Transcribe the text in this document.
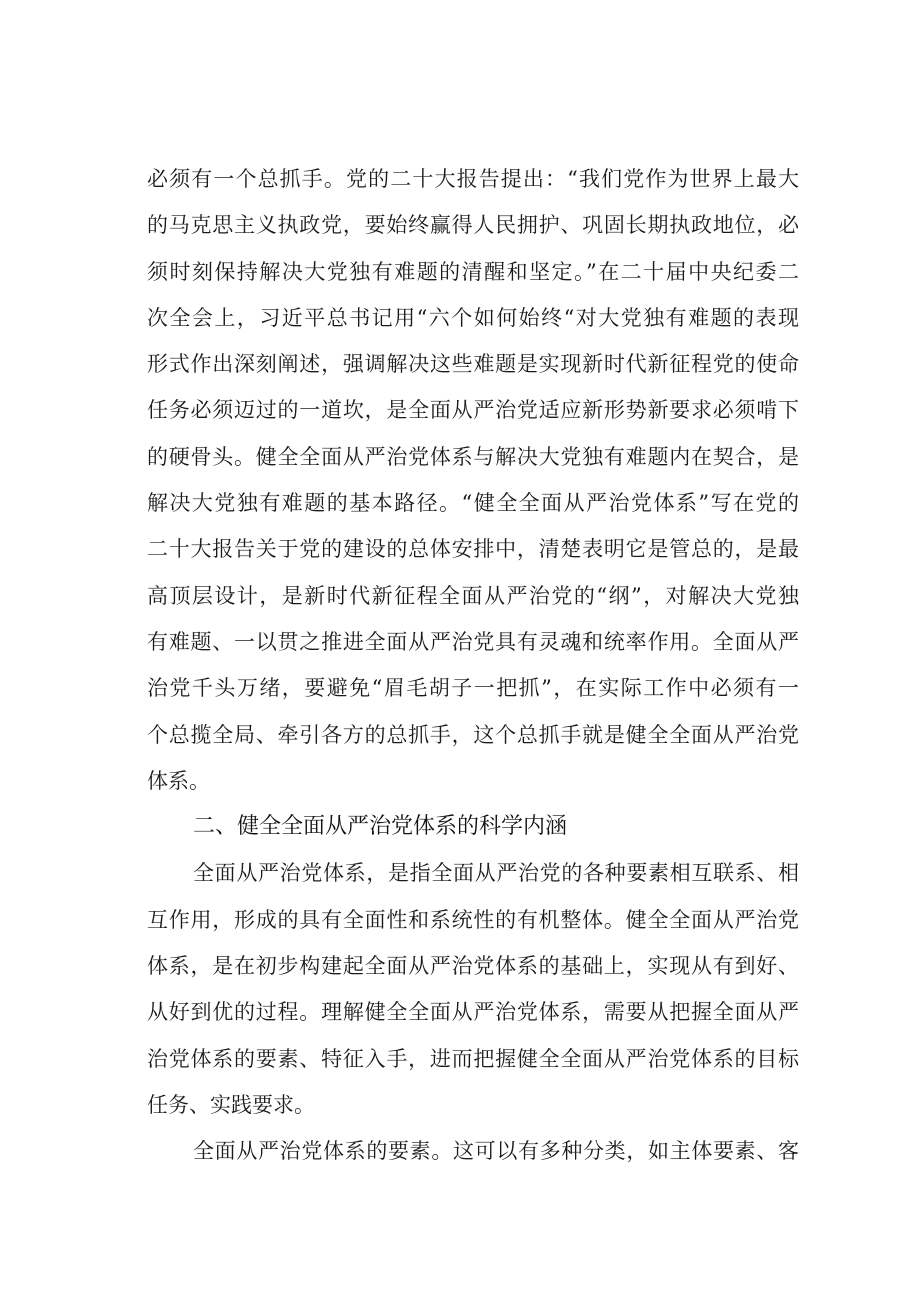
必须有一个总抓手。党的二十大报告提出：“我们党作为世界上最大
的马克思主义执政党，要始终赢得人民拥护、巩固长期执政地位，必
须时刻保持解决大党独有难题的清醒和坚定。”在二十届中央纪委二
次全会上，习近平总书记用“六个如何始终“对大党独有难题的表现
形式作出深刻阐述，强调解决这些难题是实现新时代新征程党的使命
任务必须迈过的一道坎，是全面从严治党适应新形势新要求必须啃下
的硬骨头。健全全面从严治党体系与解决大党独有难题内在契合，是
解决大党独有难题的基本路径。“健全全面从严治党体系”写在党的
二十大报告关于党的建设的总体安排中，清楚表明它是管总的，是最
高顶层设计，是新时代新征程全面从严治党的“纲”，对解决大党独
有难题、一以贯之推进全面从严治党具有灵魂和统率作用。全面从严
治党千头万绪，要避免“眉毛胡子一把抓”，在实际工作中必须有一
个总揽全局、牵引各方的总抓手，这个总抓手就是健全全面从严治党
体系。
二、健全全面从严治党体系的科学内涵
全面从严治党体系，是指全面从严治党的各种要素相互联系、相
互作用，形成的具有全面性和系统性的有机整体。健全全面从严治党
体系，是在初步构建起全面从严治党体系的基础上，实现从有到好、
从好到优的过程。理解健全全面从严治党体系，需要从把握全面从严
治党体系的要素、特征入手，进而把握健全全面从严治党体系的目标
任务、实践要求。
全面从严治党体系的要素。这可以有多种分类，如主体要素、客
